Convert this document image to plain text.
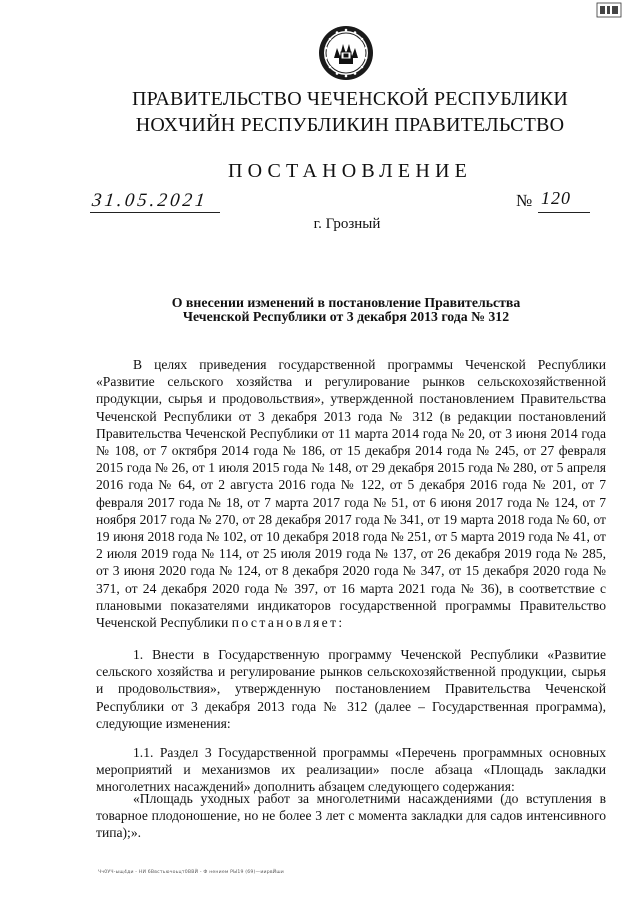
ПРАВИТЕЛЬСТВО ЧЕЧЕНСКОЙ РЕСПУБЛИКИ
НОХЧИЙН РЕСПУБЛИКИН ПРАВИТЕЛЬСТВО
ПОСТАНОВЛЕНИЕ
31.05.2021	№ 120
г. Грозный
О внесении изменений в постановление Правительства
Чеченской Республики от 3 декабря 2013 года № 312

В целях приведения государственной программы Чеченской Республики «Развитие сельского хозяйства и регулирование рынков сельскохозяйственной продукции, сырья и продовольствия», утвержденной постановлением Правительства Чеченской Республики от 3 декабря 2013 года № 312 (в редакции постановлений Правительства Чеченской Республики от 11 марта 2014 года № 20, от 3 июня 2014 года № 108, от 7 октября 2014 года № 186, от 15 декабря 2014 года № 245, от 27 февраля 2015 года № 26, от 1 июля 2015 года № 148, от 29 декабря 2015 года № 280, от 5 апреля 2016 года № 64, от 2 августа 2016 года № 122, от 5 декабря 2016 года № 201, от 7 февраля 2017 года № 18, от 7 марта 2017 года № 51, от 6 июня 2017 года № 124, от 7 ноября 2017 года № 270, от 28 декабря 2017 года № 341, от 19 марта 2018 года № 60, от 19 июня 2018 года № 102, от 10 декабря 2018 года № 251, от 5 марта 2019 года № 41, от 2 июля 2019 года № 114, от 25 июля 2019 года № 137, от 26 декабря 2019 года № 285, от 3 июня 2020 года № 124, от 8 декабря 2020 года № 347, от 15 декабря 2020 года № 371, от 24 декабря 2020 года № 397, от 16 марта 2021 года № 36), в соответствие с плановыми показателями индикаторов государственной программы Правительство Чеченской Республики постановляет:

1. Внести в Государственную программу Чеченской Республики «Развитие сельского хозяйства и регулирование рынков сельскохозяйственной продукции, сырья и продовольствия», утвержденную постановлением Правительства Чеченской Республики от 3 декабря 2013 года № 312 (далее – Государственная программа), следующие изменения:

1.1. Раздел 3 Государственной программы «Перечень программных основных мероприятий и механизмов их реализации» после абзаца «Площадь закладки многолетних насаждений» дополнить абзацем следующего содержания:

«Площадь уходных работ за многолетними насаждениями (до вступления в товарное плодоношение, но не более 3 лет с момента закладки для садов интенсивного типа);».

Чч0УЧ-ыщ4ди - НИ 6Ввстьючоьцт0ВВЙ - Ф нением РЫ19 (69)—иирвЙши
